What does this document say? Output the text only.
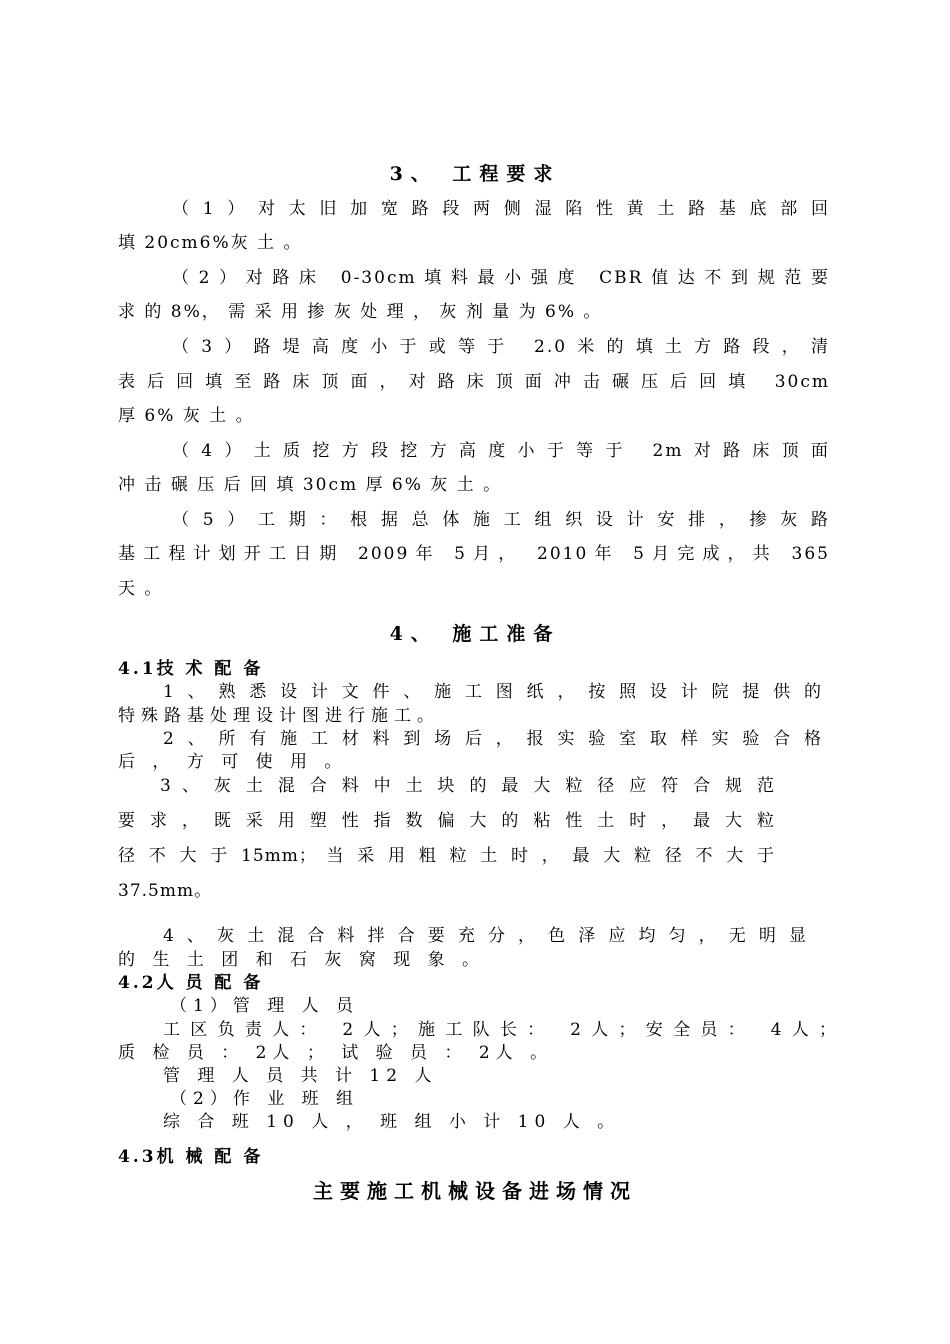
3、 工程要求
（1）对太旧加宽路段两侧湿陷性黄土路基底部回
填 20cm6%灰 土 。
（2）对路床 0-30cm填料最小强度 CBR值达不到规范要
求 的 8%， 需 采 用 掺 灰 处 理 ， 灰 剂 量 为 6% 。
（3）路堤高度小于或等于 2.0米的填土方路段，清
表后回填至路床顶面，对路床顶面冲击碾压后回填 30cm
厚 6% 灰 土 。
（4）土质挖方段挖方高度小于等于 2m对路床顶面
冲 击 碾 压 后 回 填 30cm 厚 6% 灰 土 。
（5）工期：根据总体施工组织设计安排，掺灰路
基工程计划开工日期 2009年 5月， 2010年 5月完成，共 365
天 。
4、 施工准备
4.1技 术 配 备
1、熟悉设计文件、施工图纸，按照设计院提供的
特殊路基处理设计图进行施工。
2、所有施工材料到场后，报实验室取样实验合格
后 ， 方 可 使 用 。
3 、 灰 土 混 合 料 中 土 块 的 最 大 粒 径 应 符 合 规 范
要 求 ， 既 采 用 塑 性 指 数 偏 大 的 粘 性 土 时 ， 最 大 粒
径 不 大 于 15mm； 当 采 用 粗 粒 土 时 ， 最 大 粒 径 不 大 于
37.5mm。
4、灰土混合料拌合要充分，色泽应均匀，无明显
的 生 土 团 和 石 灰 窝 现 象 。
4.2人 员 配 备
（1）管 理 人 员
工区负责人： 2人；施工队长： 2人；安全员： 4人；
质 检 员 ： 2人 ； 试 验 员 ： 2人 。
管 理 人 员 共 计 12 人
（2）作 业 班 组
综 合 班 10 人 ， 班 组 小 计 10 人 。
4.3机 械 配 备
主要施工机械设备进场情况
